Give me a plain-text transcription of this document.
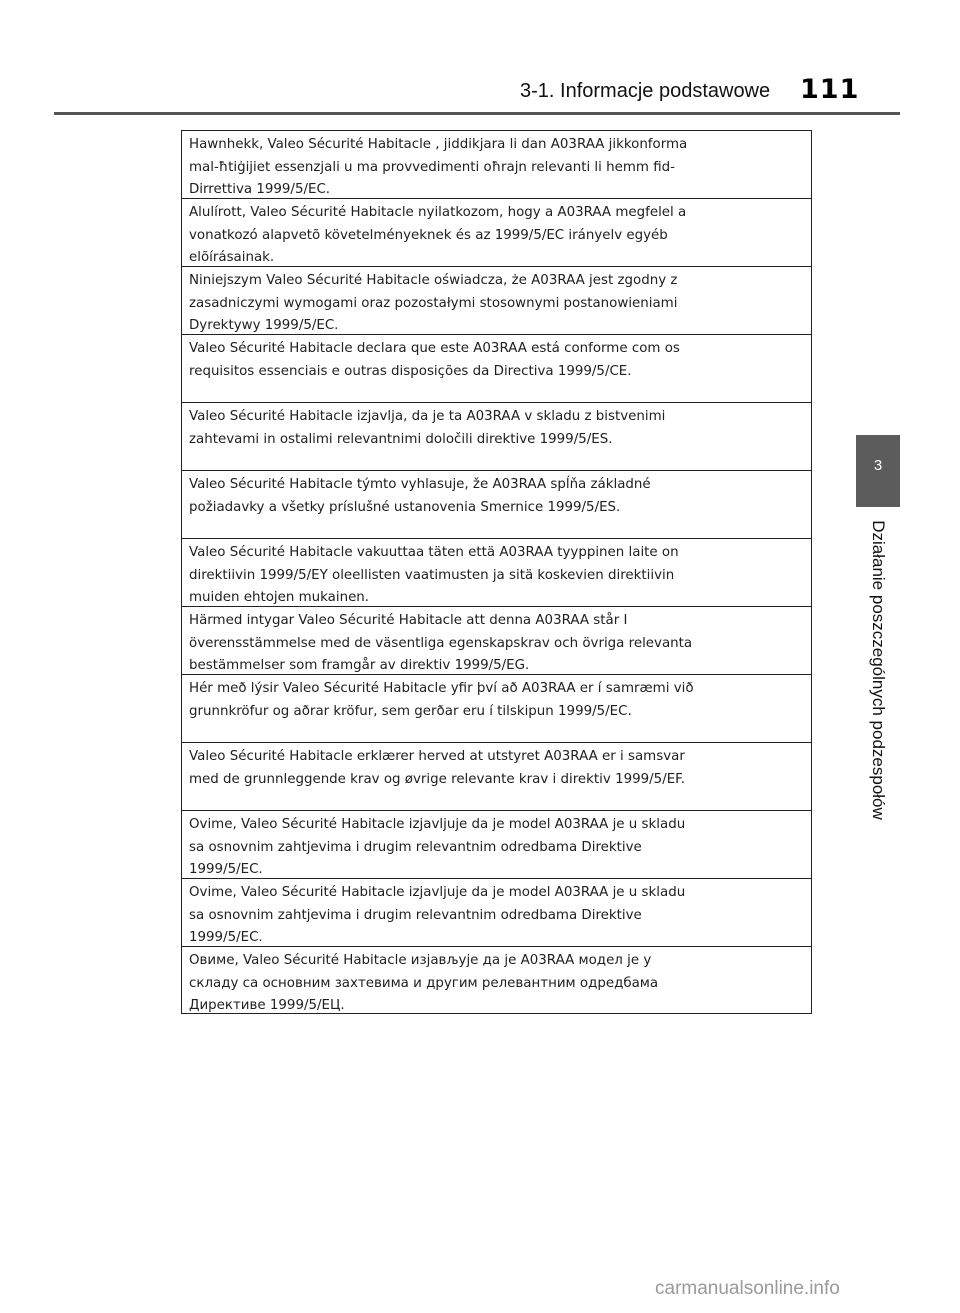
3-1. Informacje podstawowe 111
3
Działanie poszczególnych podzespołów
Hawnhekk, Valeo Sécurité Habitacle , jiddikjara li dan A03RAA jikkonforma
mal-ħtiġijiet essenzjali u ma provvedimenti oħrajn relevanti li hemm fid-
Dirrettiva 1999/5/EC.
Alulírott, Valeo Sécurité Habitacle nyilatkozom, hogy a A03RAA megfelel a
vonatkozó alapvetõ követelményeknek és az 1999/5/EC irányelv egyéb
elõírásainak.
Niniejszym Valeo Sécurité Habitacle oświadcza, że A03RAA jest zgodny z
zasadniczymi wymogami oraz pozostałymi stosownymi postanowieniami
Dyrektywy 1999/5/EC.
Valeo Sécurité Habitacle declara que este A03RAA está conforme com os
requisitos essenciais e outras disposições da Directiva 1999/5/CE.
Valeo Sécurité Habitacle izjavlja, da je ta A03RAA v skladu z bistvenimi
zahtevami in ostalimi relevantnimi določili direktive 1999/5/ES.
Valeo Sécurité Habitacle týmto vyhlasuje, že A03RAA spĺňa základné
požiadavky a všetky príslušné ustanovenia Smernice 1999/5/ES.
Valeo Sécurité Habitacle vakuuttaa täten että A03RAA tyyppinen laite on
direktiivin 1999/5/EY oleellisten vaatimusten ja sitä koskevien direktiivin
muiden ehtojen mukainen.
Härmed intygar Valeo Sécurité Habitacle att denna A03RAA står I
överensstämmelse med de väsentliga egenskapskrav och övriga relevanta
bestämmelser som framgår av direktiv 1999/5/EG.
Hér með lýsir Valeo Sécurité Habitacle yfir því að A03RAA er í samræmi við
grunnkröfur og aðrar kröfur, sem gerðar eru í tilskipun 1999/5/EC.
Valeo Sécurité Habitacle erklærer herved at utstyret A03RAA er i samsvar
med de grunnleggende krav og øvrige relevante krav i direktiv 1999/5/EF.
Ovime, Valeo Sécurité Habitacle izjavljuje da je model A03RAA je u skladu
sa osnovnim zahtjevima i drugim relevantnim odredbama Direktive
1999/5/EC.
Ovime, Valeo Sécurité Habitacle izjavljuje da je model A03RAA je u skladu
sa osnovnim zahtjevima i drugim relevantnim odredbama Direktive
1999/5/EC.
Овиме, Valeo Sécurité Habitacle изјављује да је A03RAA модел је у
складу са основним захтевима и другим релевантним одредбама
Директиве 1999/5/ЕЦ.
carmanualsonline.info
